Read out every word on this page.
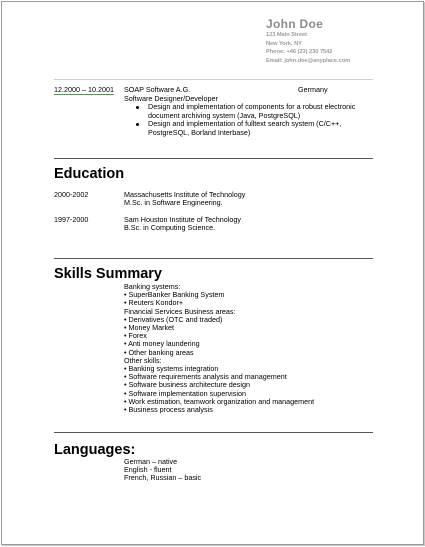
John Doe
123 Main Street
New York, NY
Phone: +46 (23) 230 7542
Email: john.doe@anyplace.com
12.2000 – 10.2001 SOAP Software A.G.	Germany
Software Designer/Developer
Design and implementation of components for a robust electronic
document archiving system (Java, PostgreSQL)
Design and implementation of fulltext search system (C/C++,
PostgreSQL, Borland Interbase)
Education
2000-2002	Massachusetts Institute of Technology
M.Sc. in Software Engineering.
1997-2000	Sam Houston Institute of Technology
B.Sc. in Computing Science.
Skills Summary
Banking systems:
• SuperBanker Banking System
• Reuters Kondor+
Financial Services Business areas:
• Derivatives (OTC and traded)
• Money Market
• Forex
• Anti money laundering
• Other banking areas
Other skills:
• Banking systems integration
• Software requirements analysis and management
• Software business architecture design
• Software implementation supervision
• Work estimation, teamwork organization and management
• Business process analysis
Languages:
German – native
English - fluent
French, Russian – basic
